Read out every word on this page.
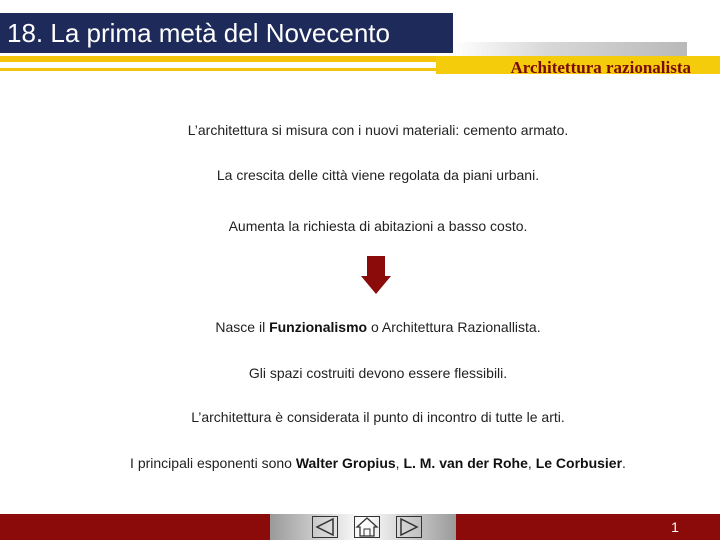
18. La prima metà del Novecento
Architettura razionalista
L’architettura si misura con i nuovi materiali: cemento armato.
La crescita delle città viene regolata da piani urbani.
Aumenta la richiesta di abitazioni a basso costo.
Nasce il Funzionalismo o Architettura Razionallista.
Gli spazi costruiti devono essere flessibili.
L’architettura è considerata il punto di incontro di tutte le arti.
I principali esponenti sono Walter Gropius, L. M. van der Rohe, Le Corbusier.
1
